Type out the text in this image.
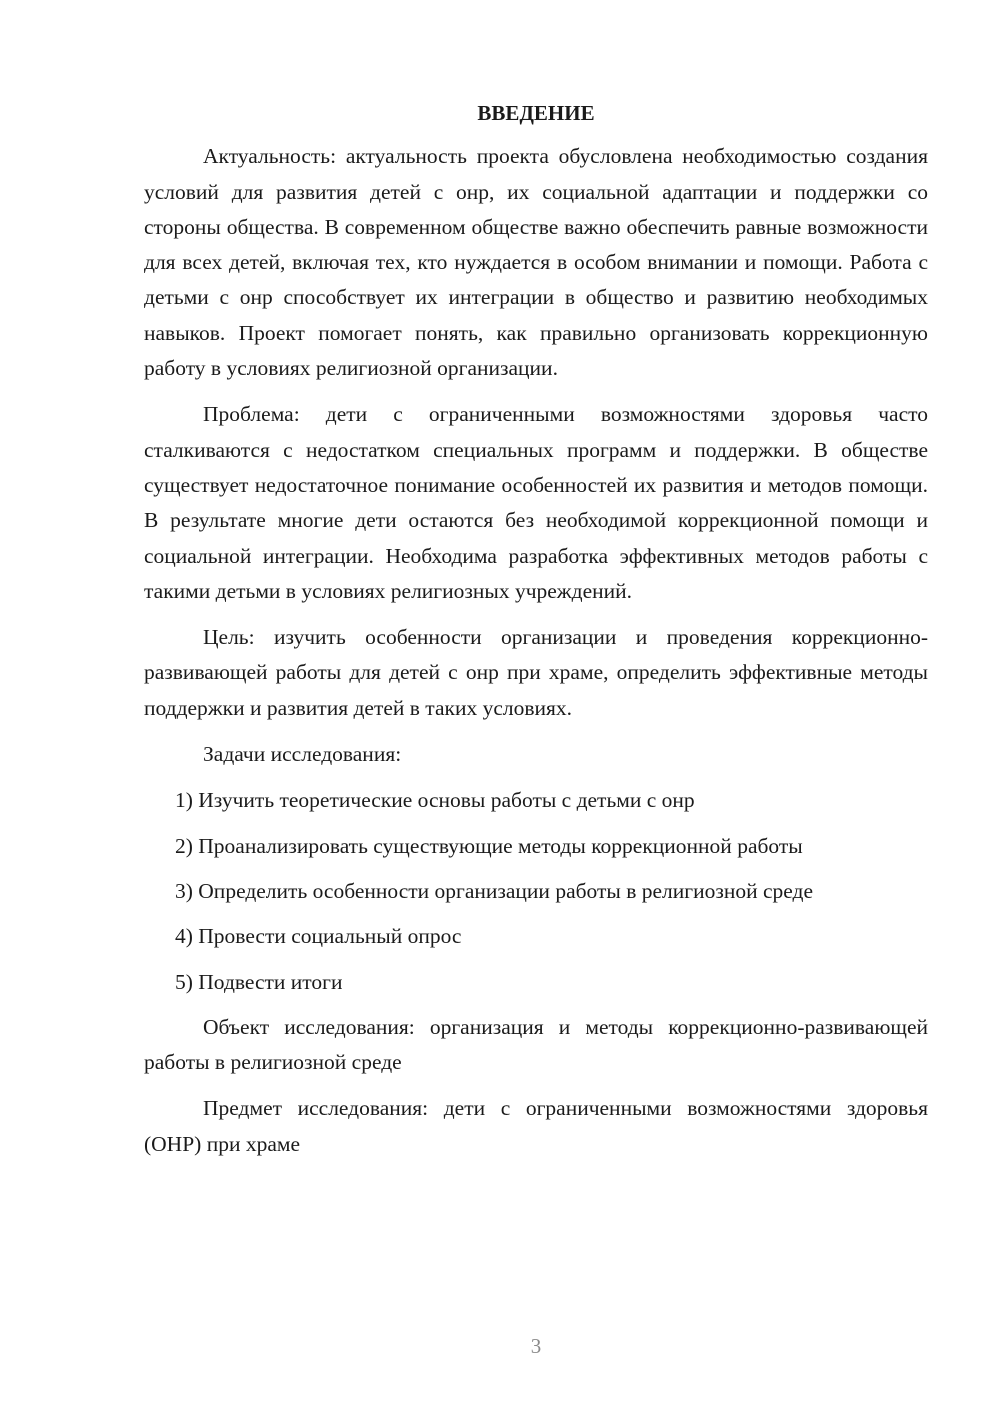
ВВЕДЕНИЕ

Актуальность: актуальность проекта обусловлена необходимостью создания условий для развития детей с онр, их социальной адаптации и поддержки со стороны общества. В современном обществе важно обеспечить равные возможности для всех детей, включая тех, кто нуждается в особом внимании и помощи. Работа с детьми с онр способствует их интеграции в общество и развитию необходимых навыков. Проект помогает понять, как правильно организовать коррекционную работу в условиях религиозной организации.

Проблема: дети с ограниченными возможностями здоровья часто сталкиваются с недостатком специальных программ и поддержки. В обществе существует недостаточное понимание особенностей их развития и методов помощи. В результате многие дети остаются без необходимой коррекционной помощи и социальной интеграции. Необходима разработка эффективных методов работы с такими детьми в условиях религиозных учреждений.

Цель: изучить особенности организации и проведения коррекционно-развивающей работы для детей с онр при храме, определить эффективные методы поддержки и развития детей в таких условиях.

Задачи исследования:

1) Изучить теоретические основы работы с детьми с онр
2) Проанализировать существующие методы коррекционной работы
3) Определить особенности организации работы в религиозной среде
4) Провести социальный опрос
5) Подвести итоги

Объект исследования: организация и методы коррекционно-развивающей работы в религиозной среде

Предмет исследования: дети с ограниченными возможностями здоровья (ОНР) при храме

3
